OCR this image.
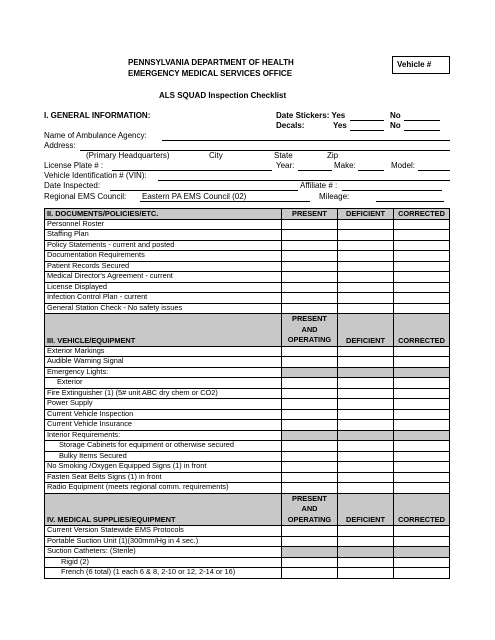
PENNSYLVANIA DEPARTMENT OF HEALTH
EMERGENCY MEDICAL SERVICES OFFICE
Vehicle #
ALS SQUAD Inspection Checklist
I. GENERAL INFORMATION:	Date Stickers: Yes	No
Decals:	Yes	No
Name of Ambulance Agency:
Address:
(Primary Headquarters)	City	State	Zip
License Plate # :	Year:	Make:	Model:
Vehicle Identification # (VIN):
Date Inspected:	Affiliate # :
Regional EMS Council: Eastern PA EMS Council (02)	Mileage:
II. DOCUMENTS/POLICIES/ETC.	PRESENT	DEFICIENT	CORRECTED
Personnel Roster			
Staffing Plan			
Policy Statements - current and posted			
Documentation Requirements			
Patient Records Secured			
Medical Director's Agreement - current			
License Displayed			
Infection Control Plan - current			
General Station Check - No safety issues			
III. VEHICLE/EQUIPMENT	PRESENT AND OPERATING	DEFICIENT	CORRECTED
Exterior Markings			
Audible Warning Signal			
Emergency Lights:			
Exterior			
Fire Extinguisher (1) (5# unit ABC dry chem or CO2)			
Power Supply			
Current Vehicle Inspection			
Current Vehicle Insurance			
Interior Requirements:			
Storage Cabinets for equipment or otherwise secured			
Bulky Items Secured			
No Smoking /Oxygen Equipped Signs (1) in front			
Fasten Seat Belts Signs (1) in front			
Radio Equipment (meets regional comm. requirements)			
IV. MEDICAL SUPPLIES/EQUIPMENT	PRESENT AND OPERATING	DEFICIENT	CORRECTED
Current Version Statewide EMS Protocols			
Portable Suction Unit (1)(300mm/Hg in 4 sec.)			
Suction Catheters: (Sterile)			
Rigid (2)			
French (6 total) (1 each 6 & 8, 2-10 or 12, 2-14 or 16)			
